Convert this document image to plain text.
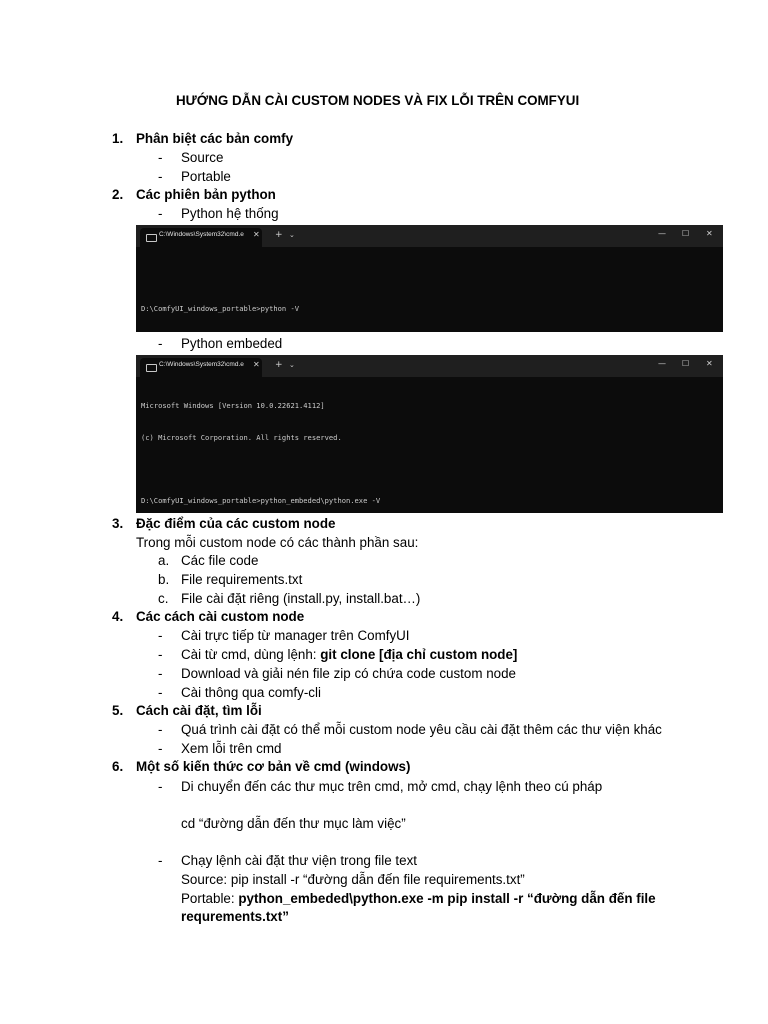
HƯỚNG DẪN CÀI CUSTOM NODES VÀ FIX LỖI TRÊN COMFYUI
1. Phân biệt các bản comfy
- Source
- Portable
2. Các phiên bản python
- Python hệ thống
C:\Windows\System32\cmd.e ✕ + ⌄	— ☐ ✕

D:\ComfyUI_windows_portable>python -V

- Python embeded
C:\Windows\System32\cmd.e ✕ + ⌄	— ☐ ✕

Microsoft Windows [Version 10.0.22621.4112]

(c) Microsoft Corporation. All rights reserved.

D:\ComfyUI_windows_portable>python_embeded\python.exe -V

3. Đặc điểm của các custom node
Trong mỗi custom node có các thành phần sau:
a. Các file code
b. File requirements.txt
c. File cài đặt riêng (install.py, install.bat…)
4. Các cách cài custom node
- Cài trực tiếp từ manager trên ComfyUI
- Cài từ cmd, dùng lệnh: git clone [địa chỉ custom node]
- Download và giải nén file zip có chứa code custom node
- Cài thông qua comfy-cli
5. Cách cài đặt, tìm lỗi
- Quá trình cài đặt có thể mỗi custom node yêu cầu cài đặt thêm các thư viện khác
- Xem lỗi trên cmd
6. Một số kiến thức cơ bản về cmd (windows)
- Di chuyển đến các thư mục trên cmd, mở cmd, chạy lệnh theo cú pháp
cd “đường dẫn đến thư mục làm việc”
- Chạy lệnh cài đặt thư viện trong file text
Source: pip install -r “đường dẫn đến file requirements.txt”
Portable: python_embeded\python.exe -m pip install -r “đường dẫn đến file
requrements.txt”
